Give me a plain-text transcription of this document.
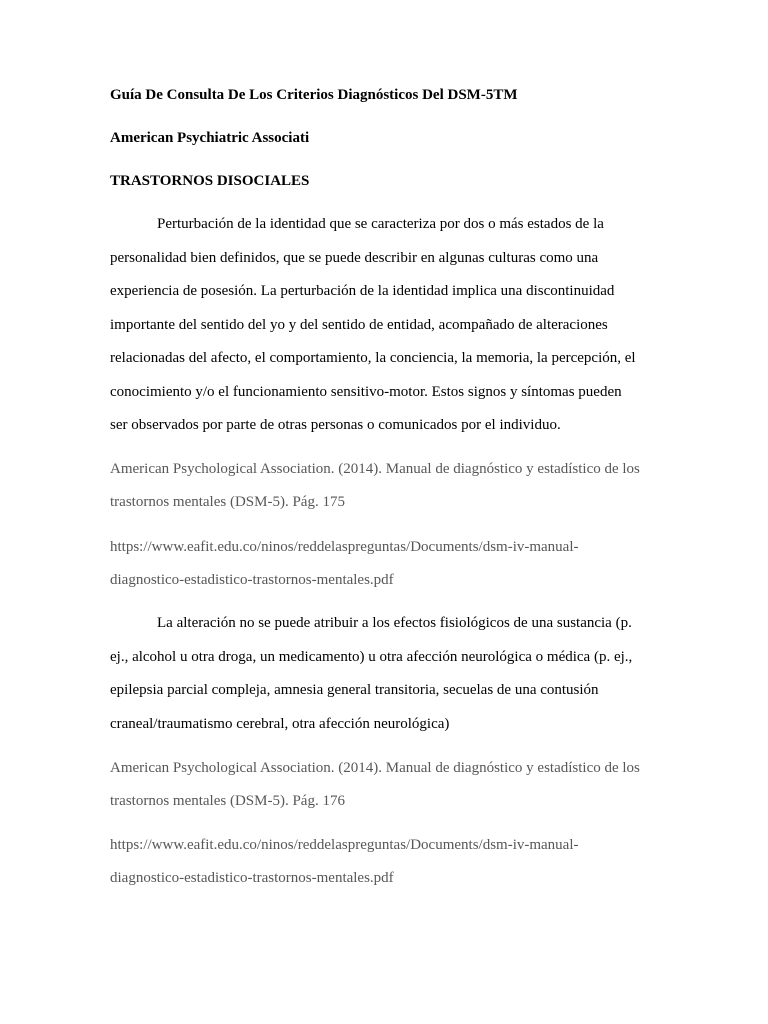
Guía De Consulta De Los Criterios Diagnósticos Del DSM-5TM
American Psychiatric Associati
TRASTORNOS DISOCIALES
Perturbación de la identidad que se caracteriza por dos o más estados de la
personalidad bien definidos, que se puede describir en algunas culturas como una
experiencia de posesión. La perturbación de la identidad implica una discontinuidad
importante del sentido del yo y del sentido de entidad, acompañado de alteraciones
relacionadas del afecto, el comportamiento, la conciencia, la memoria, la percepción, el
conocimiento y/o el funcionamiento sensitivo-motor. Estos signos y síntomas pueden
ser observados por parte de otras personas o comunicados por el individuo.
American Psychological Association. (2014). Manual de diagnóstico y estadístico de los
trastornos mentales (DSM-5). Pág. 175
https://www.eafit.edu.co/ninos/reddelaspreguntas/Documents/dsm-iv-manual-
diagnostico-estadistico-trastornos-mentales.pdf
La alteración no se puede atribuir a los efectos fisiológicos de una sustancia (p.
ej., alcohol u otra droga, un medicamento) u otra afección neurológica o médica (p. ej.,
epilepsia parcial compleja, amnesia general transitoria, secuelas de una contusión
craneal/traumatismo cerebral, otra afección neurológica)
American Psychological Association. (2014). Manual de diagnóstico y estadístico de los
trastornos mentales (DSM-5). Pág. 176
https://www.eafit.edu.co/ninos/reddelaspreguntas/Documents/dsm-iv-manual-
diagnostico-estadistico-trastornos-mentales.pdf
